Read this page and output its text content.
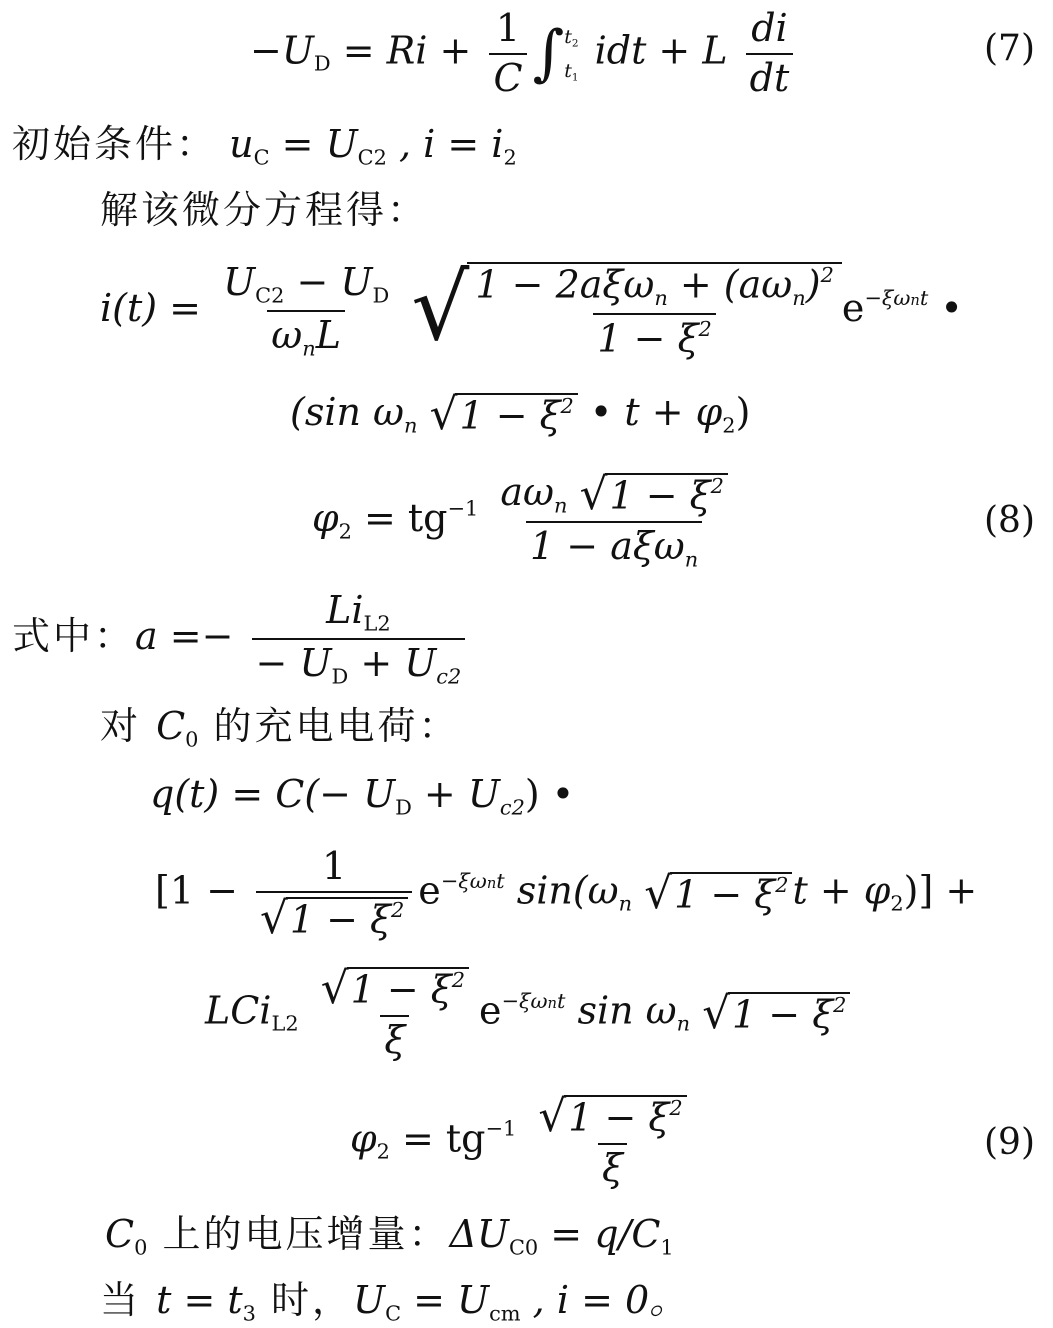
$-U_D = Ri + \frac{1}{C}$ ∫ $t_2$
$t_1$
idt + L $\frac{di}{dt}$	(7)
初始条件： $u_C = U_{C2}$ , $i = i_2$
解该微分方程得：
$i(t) = \frac{U_{C2} - U_D}{\text{ωnL}}$
√ $\frac{1 - 2a\xi\omega n + (a\omega n)^2}{1 - \xi^2} e^{-\xi\omega nt}$ •
(sin ωn √ $1 - \xi^2$ • $t + \varphi_2$)
$\varphi_2 = tg^{-1} \frac{a\omega n √ 1 - \xi^2}{\text{1 − aξωn}}$	(8)
式中：$a =- \frac{Li_{L2}}{- U_D + Uc2}$
对 $C_0$ 的充电电荷：
$q(t) = C(- U_D + Uc2)$ •
[$1 - \frac{1}{√ 1 - \xi^2} e^{-\xi\omega nt}$ sin(ωn √ $1 - \xi^2$ $t + \varphi_2$)] +
$LCi_{L2} \frac{√ 1 - \xi^2}{\xi} e^{-\xi\omega nt}$ sin ωn √ $1 - \xi^2$
$\varphi_2 = tg^{-1} \frac{√ 1 - \xi^2}{\xi}$	(9)
$C_0$ 上的电压增量：$\Delta U_{C0} = q/C_1$
当 $t = t_3$ 时，$U_C = U_{cm}$ , i = 0。
